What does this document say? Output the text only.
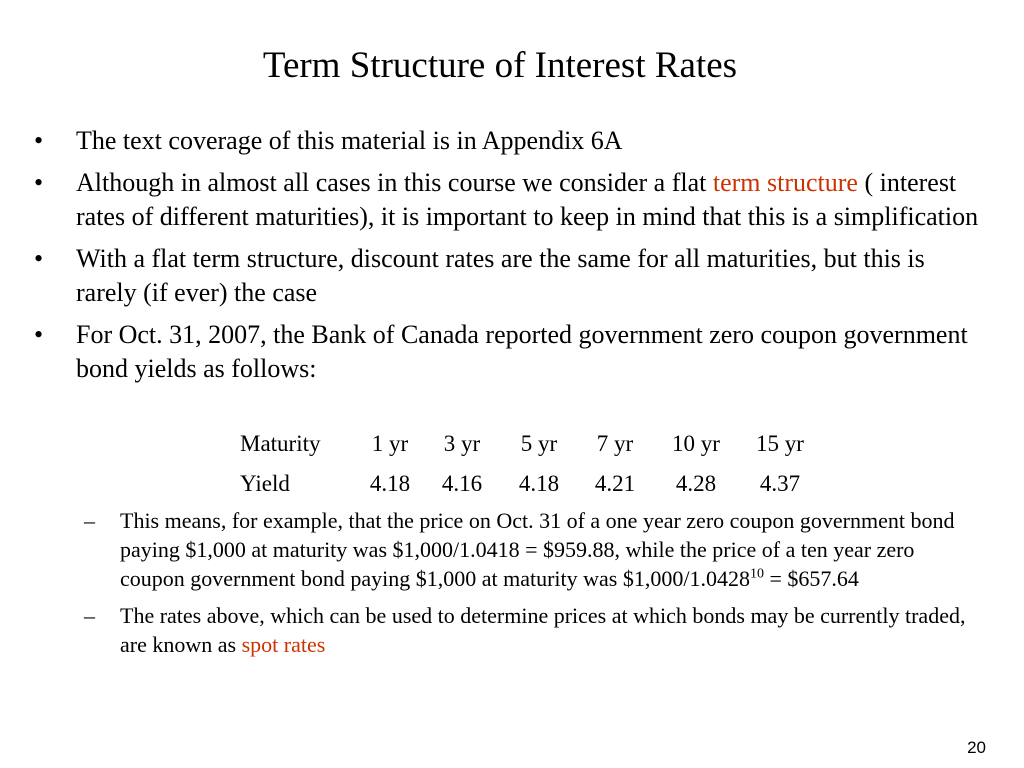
Term Structure of Interest Rates
• The text coverage of this material is in Appendix 6A
• Although in almost all cases in this course we consider a flat term structure ( interest rates of different maturities), it is important to keep in mind that this is a simplification
• With a flat term structure, discount rates are the same for all maturities, but this is rarely (if ever) the case
• For Oct. 31, 2007, the Bank of Canada reported government zero coupon government bond yields as follows:
Maturity	1 yr	3 yr	5 yr	7 yr	10 yr	15 yr
Yield	4.18	4.16	4.18	4.21	4.28	4.37
– This means, for example, that the price on Oct. 31 of a one year zero coupon government bond paying $1,000 at maturity was $1,000/1.0418 = $959.88, while the price of a ten year zero coupon government bond paying $1,000 at maturity was $\$1,000/1.0428^{10}$ = $657.64
– The rates above, which can be used to determine prices at which bonds may be currently traded, are known as spot rates
20
